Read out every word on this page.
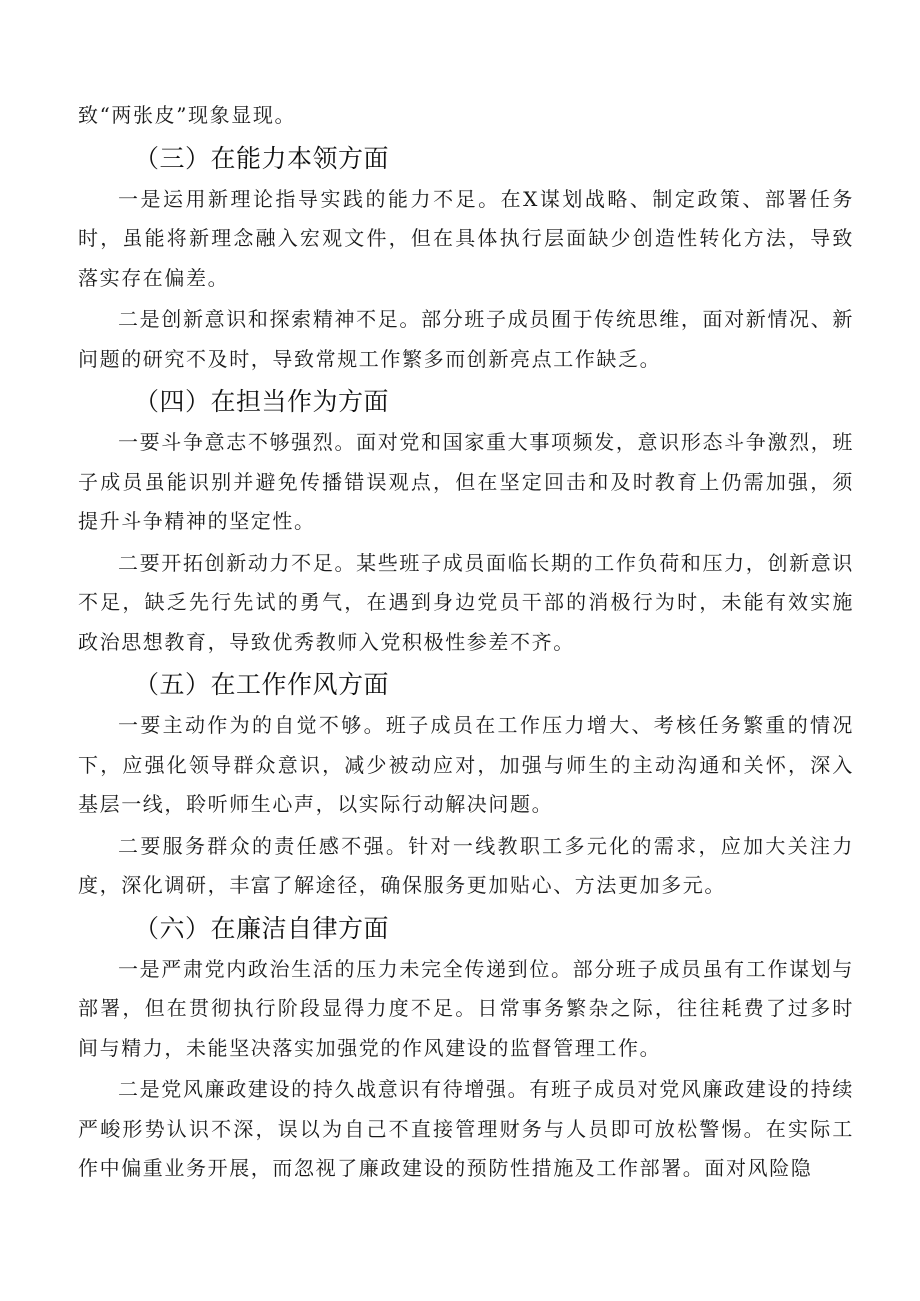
致“两张皮”现象显现。

（三）在能力本领方面

一是运用新理论指导实践的能力不足。在X谋划战略、制定政策、部署任务时，虽能将新理念融入宏观文件，但在具体执行层面缺少创造性转化方法，导致落实存在偏差。

二是创新意识和探索精神不足。部分班子成员囿于传统思维，面对新情况、新问题的研究不及时，导致常规工作繁多而创新亮点工作缺乏。

（四）在担当作为方面

一要斗争意志不够强烈。面对党和国家重大事项频发，意识形态斗争激烈，班子成员虽能识别并避免传播错误观点，但在坚定回击和及时教育上仍需加强，须提升斗争精神的坚定性。

二要开拓创新动力不足。某些班子成员面临长期的工作负荷和压力，创新意识不足，缺乏先行先试的勇气，在遇到身边党员干部的消极行为时，未能有效实施政治思想教育，导致优秀教师入党积极性参差不齐。

（五）在工作作风方面

一要主动作为的自觉不够。班子成员在工作压力增大、考核任务繁重的情况下，应强化领导群众意识，减少被动应对，加强与师生的主动沟通和关怀，深入基层一线，聆听师生心声，以实际行动解决问题。

二要服务群众的责任感不强。针对一线教职工多元化的需求，应加大关注力度，深化调研，丰富了解途径，确保服务更加贴心、方法更加多元。

（六）在廉洁自律方面

一是严肃党内政治生活的压力未完全传递到位。部分班子成员虽有工作谋划与部署，但在贯彻执行阶段显得力度不足。日常事务繁杂之际，往往耗费了过多时间与精力，未能坚决落实加强党的作风建设的监督管理工作。

二是党风廉政建设的持久战意识有待增强。有班子成员对党风廉政建设的持续严峻形势认识不深，误以为自己不直接管理财务与人员即可放松警惕。在实际工作中偏重业务开展，而忽视了廉政建设的预防性措施及工作部署。面对风险隐
